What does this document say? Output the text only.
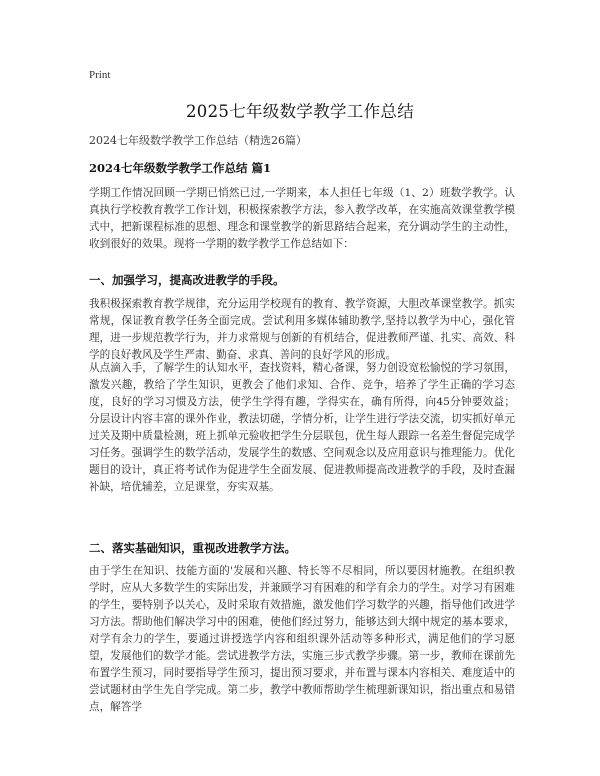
Print
2025七年级数学教学工作总结
2024七年级数学教学工作总结（精选26篇）
2024七年级数学教学工作总结 篇1
学期工作情况回顾一学期已悄然已过,一学期来，本人担任七年级（1、2）班数学教学。认真执行学校教育教学工作计划，积极探索教学方法，参入教学改革，在实施高效课堂教学模式中，把新课程标准的思想、理念和课堂教学的新思路结合起来，充分调动学生的主动性，收到很好的效果。现将一学期的数学教学工作总结如下：
一、加强学习，提高改进教学的手段。
我积极探索教育教学规律，充分运用学校现有的教育、教学资源，大胆改革课堂教学。抓实常规，保证教育教学任务全面完成。尝试利用多媒体辅助教学,坚持以教学为中心，强化管理，进一步规范教学行为，并力求常规与创新的有机结合，促进教师严谨、扎实、高效、科学的良好教风及学生严肃、勤奋、求真、善问的良好学风的形成。
从点滴入手，了解学生的认知水平，查找资料，精心备课，努力创设宽松愉悦的学习氛围，激发兴趣，教给了学生知识，更教会了他们求知、合作、竞争，培养了学生正确的学习态度，良好的学习习惯及方法，使学生学得有趣，学得实在，确有所得，向45分钟要效益；分层设计内容丰富的课外作业，教法切磋，学情分析，让学生进行学法交流，切实抓好单元过关及期中质量检测，班上抓单元验收把学生分层联包，优生每人跟踪一名差生督促完成学习任务。强调学生的数学活动，发展学生的数感、空间观念以及应用意识与推理能力。优化题目的设计，真正将考试作为促进学生全面发展、促进教师提高改进教学的手段，及时查漏补缺，培优辅差，立足课堂，夯实双基。
二、落实基础知识，重视改进教学方法。
由于学生在知识、技能方面的'发展和兴趣、特长等不尽相同，所以要因材施教。在组织教学时，应从大多数学生的实际出发，并兼顾学习有困难的和学有余力的学生。对学习有困难的学生，要特别予以关心，及时采取有效措施，激发他们学习数学的兴趣，指导他们改进学习方法。帮助他们解决学习中的困难，使他们经过努力，能够达到大纲中规定的基本要求，对学有余力的学生，要通过讲授选学内容和组织课外活动等多种形式，满足他们的学习愿望，发展他们的数学才能。尝试进教学方法，实施三步式教学步骤。第一步，教师在课前先布置学生预习，同时要指导学生预习，提出预习要求，并布置与课本内容相关、难度适中的尝试题材由学生先自学完成。第二步，教学中教师帮助学生梳理新课知识，指出重点和易错点，解答学
